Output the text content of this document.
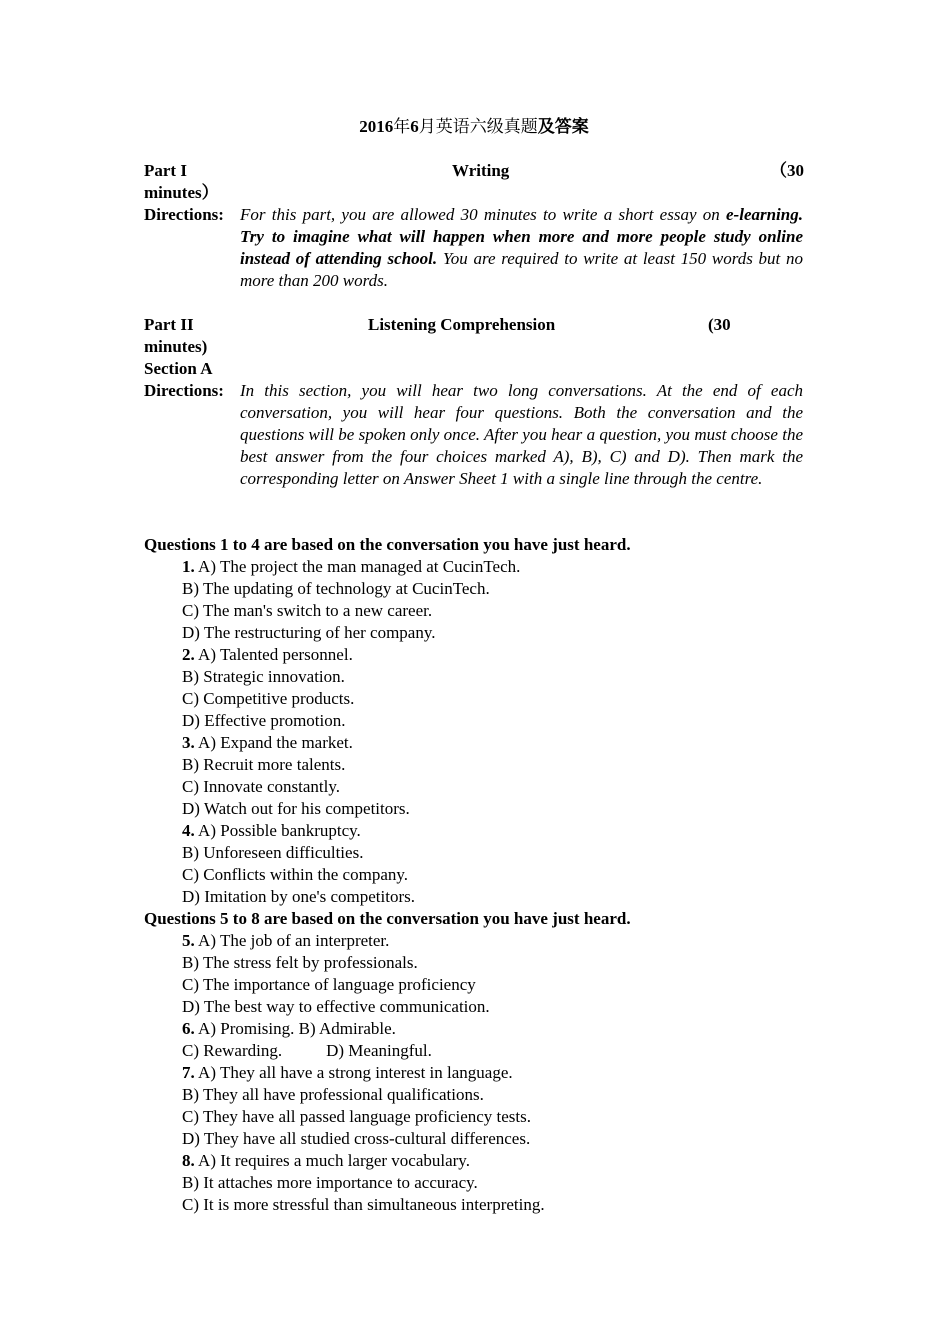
2016年6月英语六级真题及答案
Part I	Writing	（30
minutes）
Directions: For this part, you are allowed 30 minutes to write a short essay on e-learning. Try to imagine what will happen when more and more people study online instead of attending school. You are required to write at least 150 words but no more than 200 words.
Part II	Listening Comprehension	(30
minutes)
Section A
Directions: In this section, you will hear two long conversations. At the end of each conversation, you will hear four questions. Both the conversation and the questions will be spoken only once. After you hear a question, you must choose the best answer from the four choices marked A), B), C) and D). Then mark the corresponding letter on Answer Sheet 1 with a single line through the centre.
Questions 1 to 4 are based on the conversation you have just heard.
1. A) The project the man managed at CucinTech.
B) The updating of technology at CucinTech.
C) The man's switch to a new career.
D) The restructuring of her company.
2. A) Talented personnel.
B) Strategic innovation.
C) Competitive products.
D) Effective promotion.
3. A) Expand the market.
B) Recruit more talents.
C) Innovate constantly.
D) Watch out for his competitors.
4. A) Possible bankruptcy.
B) Unforeseen difficulties.
C) Conflicts within the company.
D) Imitation by one's competitors.
Questions 5 to 8 are based on the conversation you have just heard.
5. A) The job of an interpreter.
B) The stress felt by professionals.
C) The importance of language proficiency
D) The best way to effective communication.
6. A) Promising. B) Admirable.
C) Rewarding.	D) Meaningful.
7. A) They all have a strong interest in language.
B) They all have professional qualifications.
C) They have all passed language proficiency tests.
D) They have all studied cross-cultural differences.
8. A) It requires a much larger vocabulary.
B) It attaches more importance to accuracy.
C) It is more stressful than simultaneous interpreting.
